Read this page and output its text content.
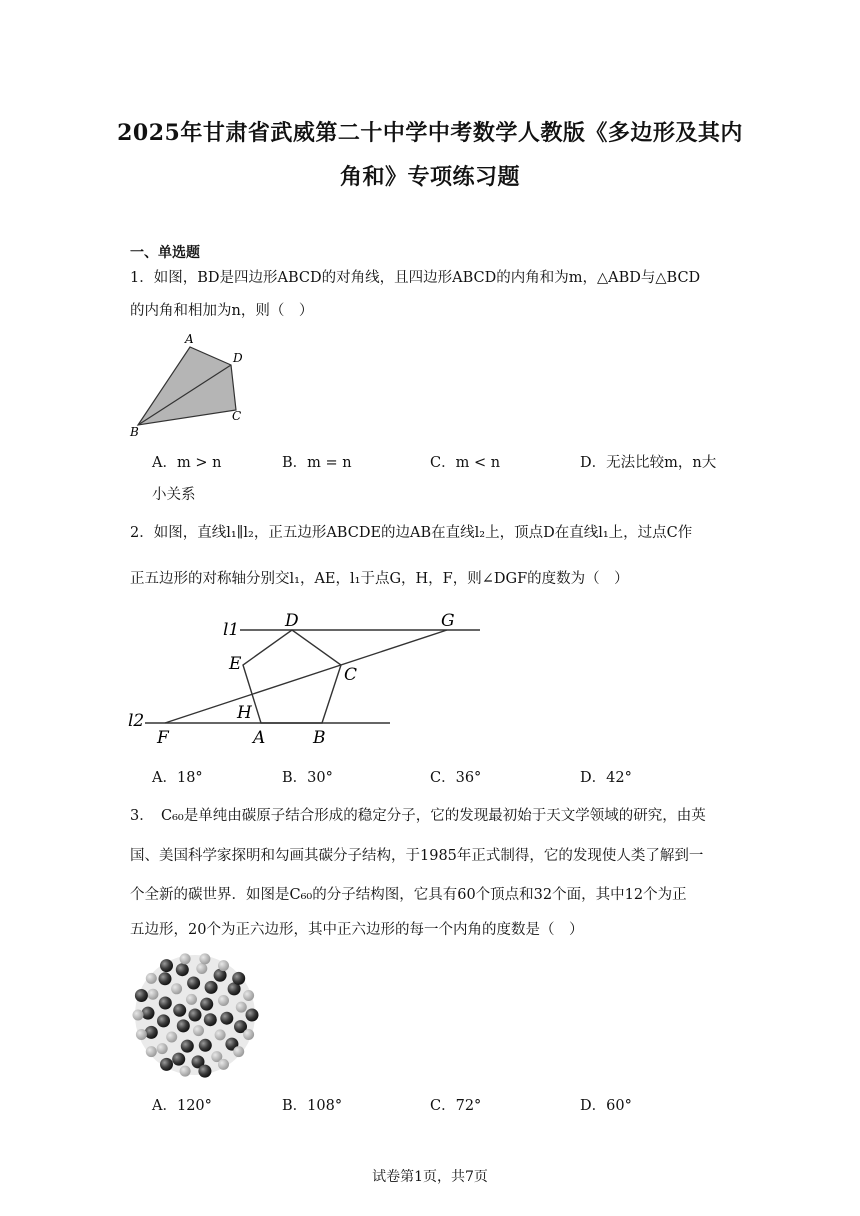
2025年甘肃省武威第二十中学中考数学人教版《多边形及其内
角和》专项练习题
一、单选题
1．如图，BD是四边形ABCD的对角线，且四边形ABCD的内角和为m，△ABD与△BCD
的内角和相加为n，则（　）
A
D
C
B
A．m > n	B．m = n	C．m < n	D．无法比较m，n大
小关系
2．如图，直线l₁∥l₂，正五边形ABCDE的边AB在直线l₂上，顶点D在直线l₁上，过点C作
正五边形的对称轴分别交l₁，AE，l₁于点G，H，F，则∠DGF的度数为（　）
l1	D	G
E
C
H
l2
F	A	B
A．18°	B．30°	C．36°	D．42°
3．　C₆₀是单纯由碳原子结合形成的稳定分子，它的发现最初始于天文学领域的研究，由英
国、美国科学家探明和勾画其碳分子结构，于1985年正式制得，它的发现使人类了解到一
个全新的碳世界．如图是C₆₀的分子结构图，它具有60个顶点和32个面，其中12个为正
五边形，20个为正六边形，其中正六边形的每一个内角的度数是（　）
A．120°	B．108°	C．72°	D．60°
试卷第1页，共7页
